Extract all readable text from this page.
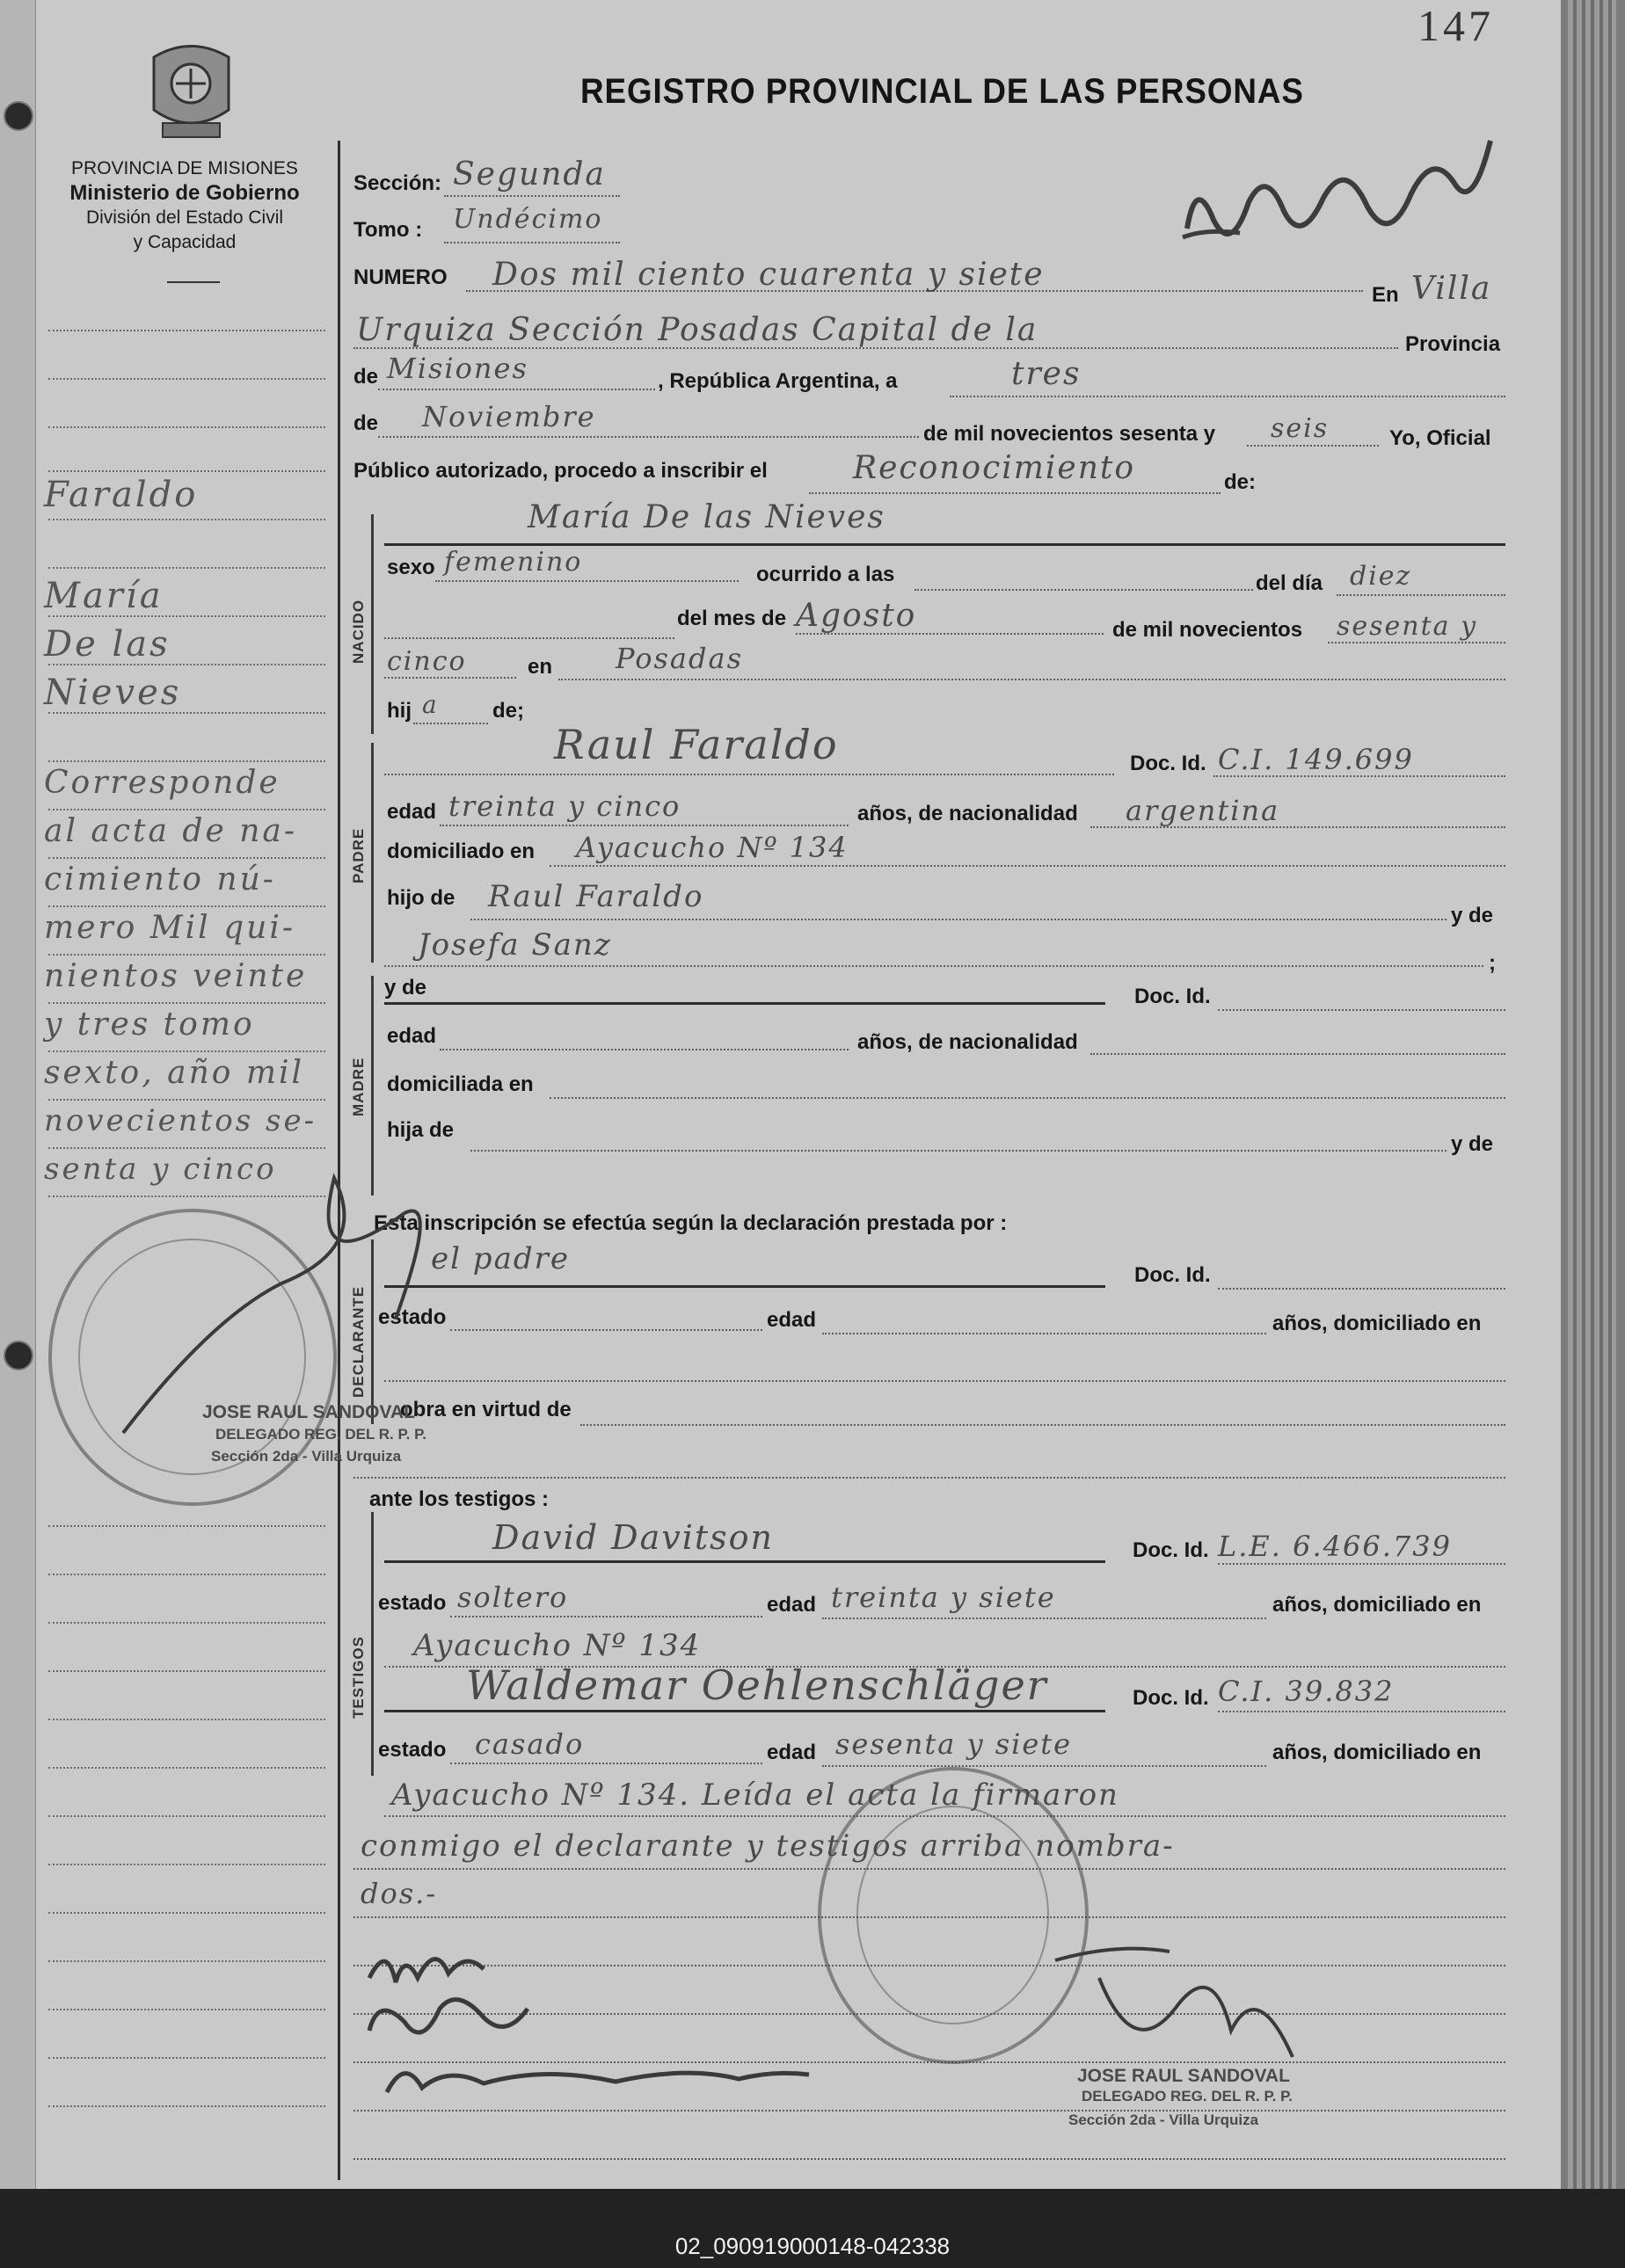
147
REGISTRO PROVINCIAL DE LAS PERSONAS
PROVINCIA DE MISIONES
Ministerio de Gobierno
División del Estado Civil
y Capacidad
Faraldo
María
De las
Nieves
Corresponde
al acta de na-
cimiento nú-
mero Mil qui-
nientos veinte
y tres tomo
sexto, año mil
novecientos se-
senta y cinco
Sección: Segunda
Tomo : Undécimo
NUMERO Dos mil ciento cuarenta y siete
En Villa
Urquiza Sección Posadas Capital de la	Provincia
de Misiones	, República Argentina, a	tres
de Noviembre
de mil novecientos sesenta y seis	Yo, Oficial
Público autorizado, procedo a inscribir el	Reconocimiento	de:
NACIDO
María De las Nieves
sexo femenino	ocurrido a las	del día diez
del mes de Agosto	de mil novecientos sesenta y
cinco	en Posadas
hij a	de;
PADRE
Raul Faraldo	Doc. Id. C.I. 149.699
edad treinta y cinco	años, de nacionalidad argentina
domiciliado en Ayacucho Nº 134
hijo de Raul Faraldo
y de
Josefa Sanz
;
MADRE
y de	Doc. Id.
edad	años, de nacionalidad
domiciliada en
hija de
y de
Esta inscripción se efectúa según la declaración prestada por :
DECLARANTE
el padre	Doc. Id.
estado	edad	años, domiciliado en
obra en virtud de
ante los testigos :
TESTIGOS
David Davitson	Doc. Id. L.E. 6.466.739
estado soltero	edad treinta y siete	años, domiciliado en
Ayacucho Nº 134
Waldemar Oehlenschläger	Doc. Id. C.I. 39.832
estado casado	edad sesenta y siete	años, domiciliado en
Ayacucho Nº 134. Leída el acta la firmaron
conmigo el declarante y testigos arriba nombra-
dos.-
JOSE RAUL SANDOVAL
DELEGADO REG. DEL R. P. P.
Sección 2da - Villa Urquiza
JOSE RAUL SANDOVAL
DELEGADO REG. DEL R. P. P.
Sección 2da - Villa Urquiza
02_090919000148-042338
